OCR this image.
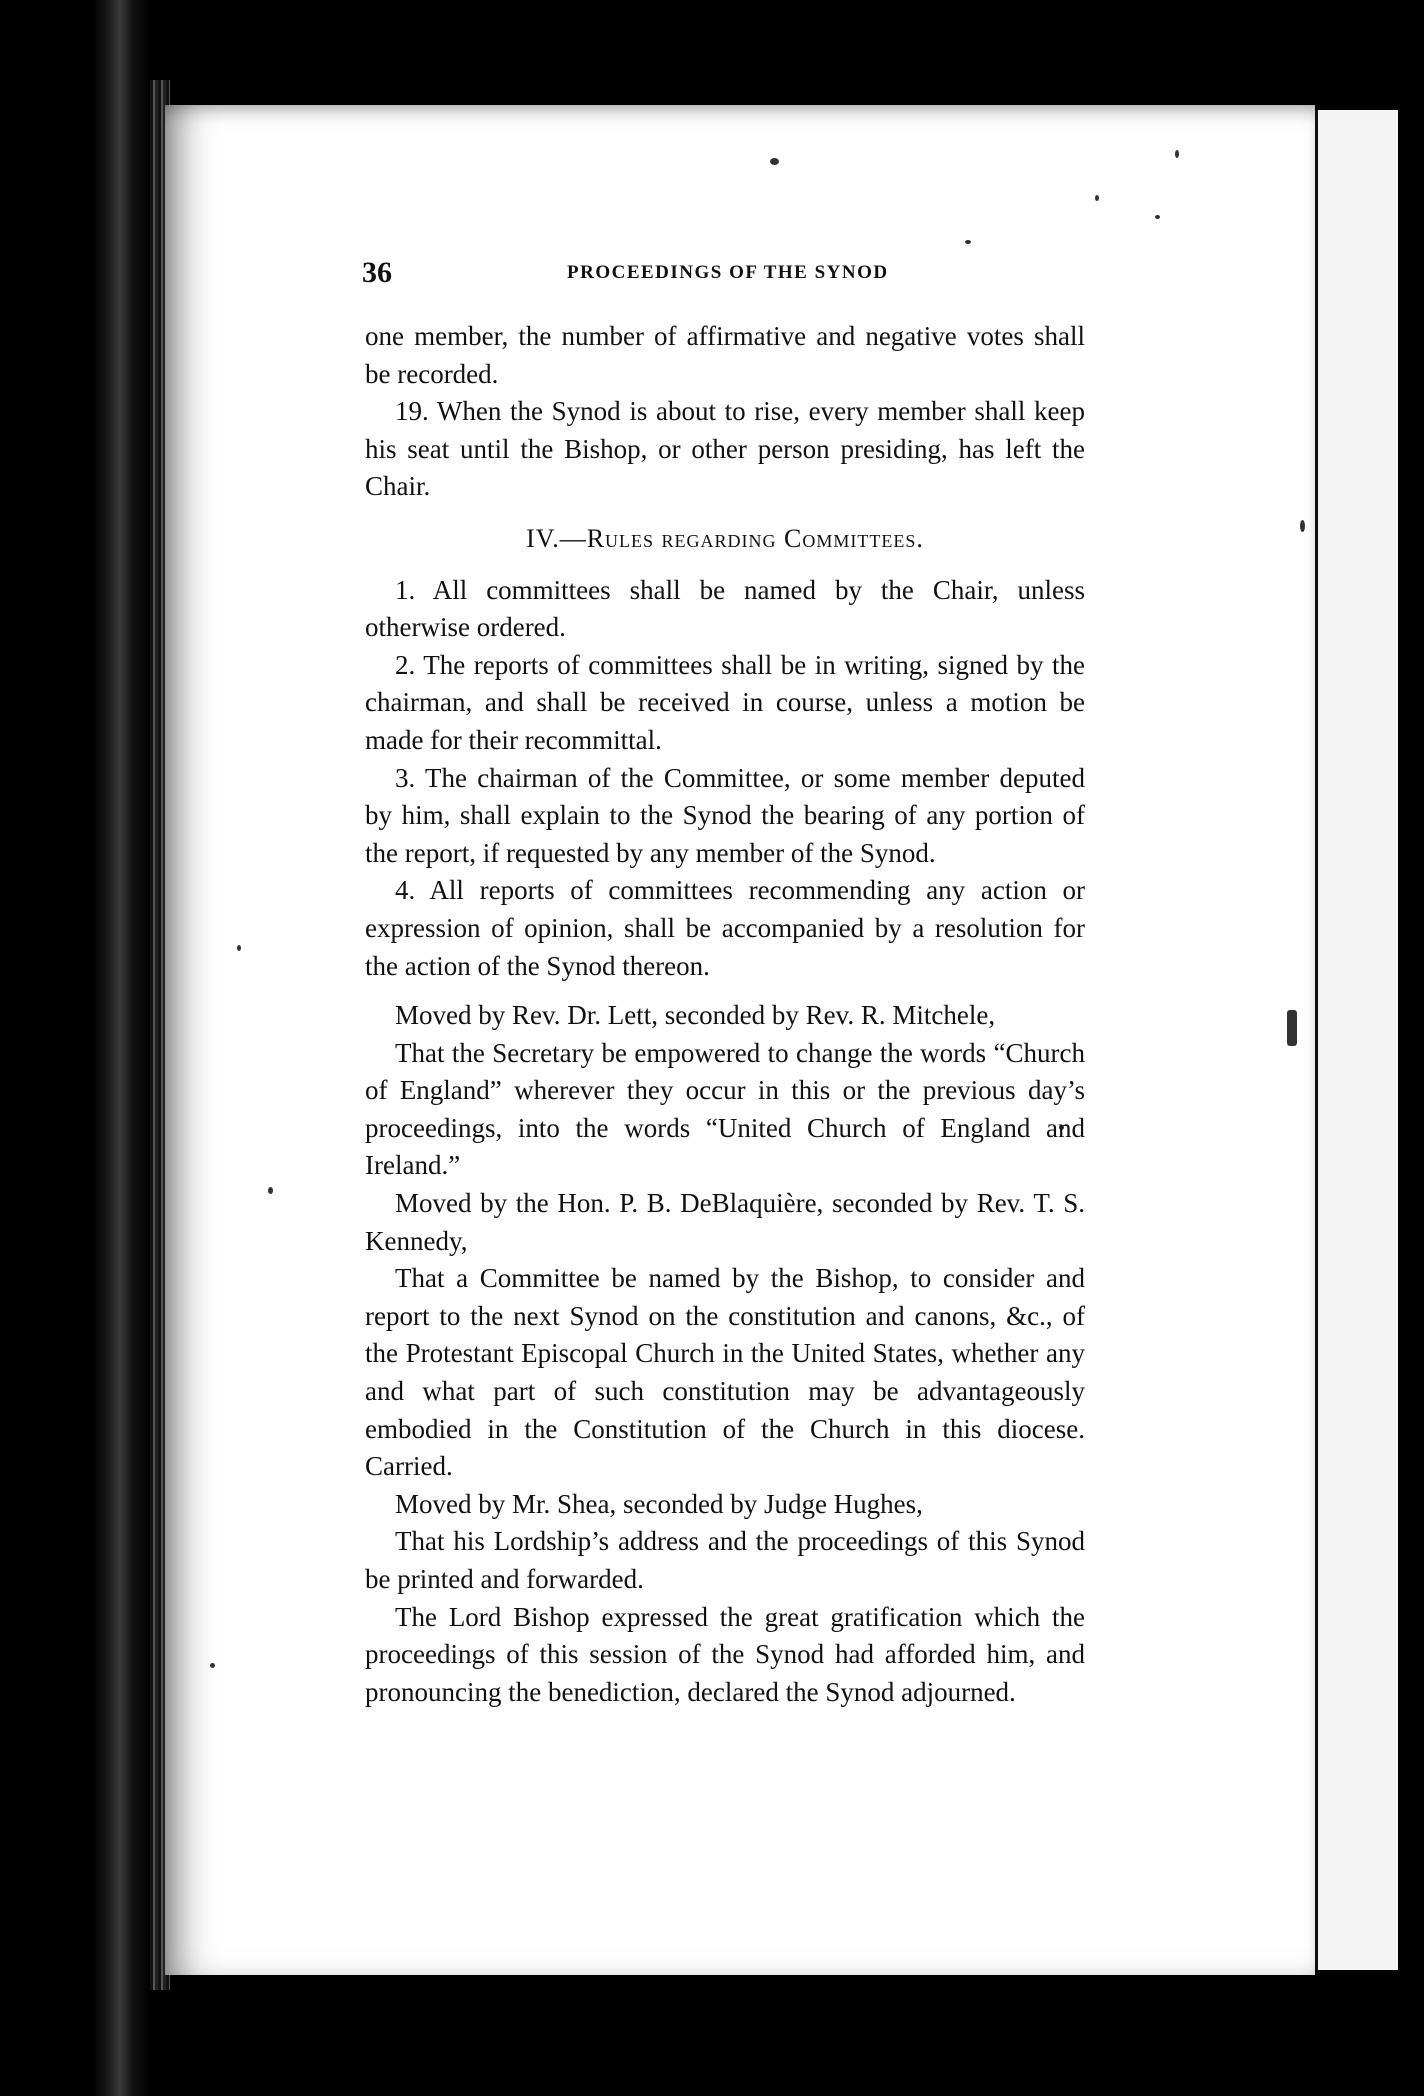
36	PROCEEDINGS OF THE SYNOD

one member, the number of affirmative and negative votes shall be recorded.

19. When the Synod is about to rise, every member shall keep his seat until the Bishop, or other person presiding, has left the Chair.

IV.—Rules regarding Committees.

1. All committees shall be named by the Chair, unless otherwise ordered.

2. The reports of committees shall be in writing, signed by the chairman, and shall be received in course, unless a motion be made for their recommittal.

3. The chairman of the Committee, or some member deputed by him, shall explain to the Synod the bearing of any portion of the report, if requested by any member of the Synod.

4. All reports of committees recommending any action or expression of opinion, shall be accompanied by a resolution for the action of the Synod thereon.

Moved by Rev. Dr. Lett, seconded by Rev. R. Mitchele,

That the Secretary be empowered to change the words “Church of England” wherever they occur in this or the previous day’s proceedings, into the words “United Church of England and Ireland.”

Moved by the Hon. P. B. DeBlaquière, seconded by Rev. T. S. Kennedy,

That a Committee be named by the Bishop, to consider and report to the next Synod on the constitution and canons, &c., of the Protestant Episcopal Church in the United States, whether any and what part of such constitution may be advantageously embodied in the Constitution of the Church in this diocese. Carried.

Moved by Mr. Shea, seconded by Judge Hughes,

That his Lordship’s address and the proceedings of this Synod be printed and forwarded.

The Lord Bishop expressed the great gratification which the proceedings of this session of the Synod had afforded him, and pronouncing the benediction, declared the Synod adjourned.
